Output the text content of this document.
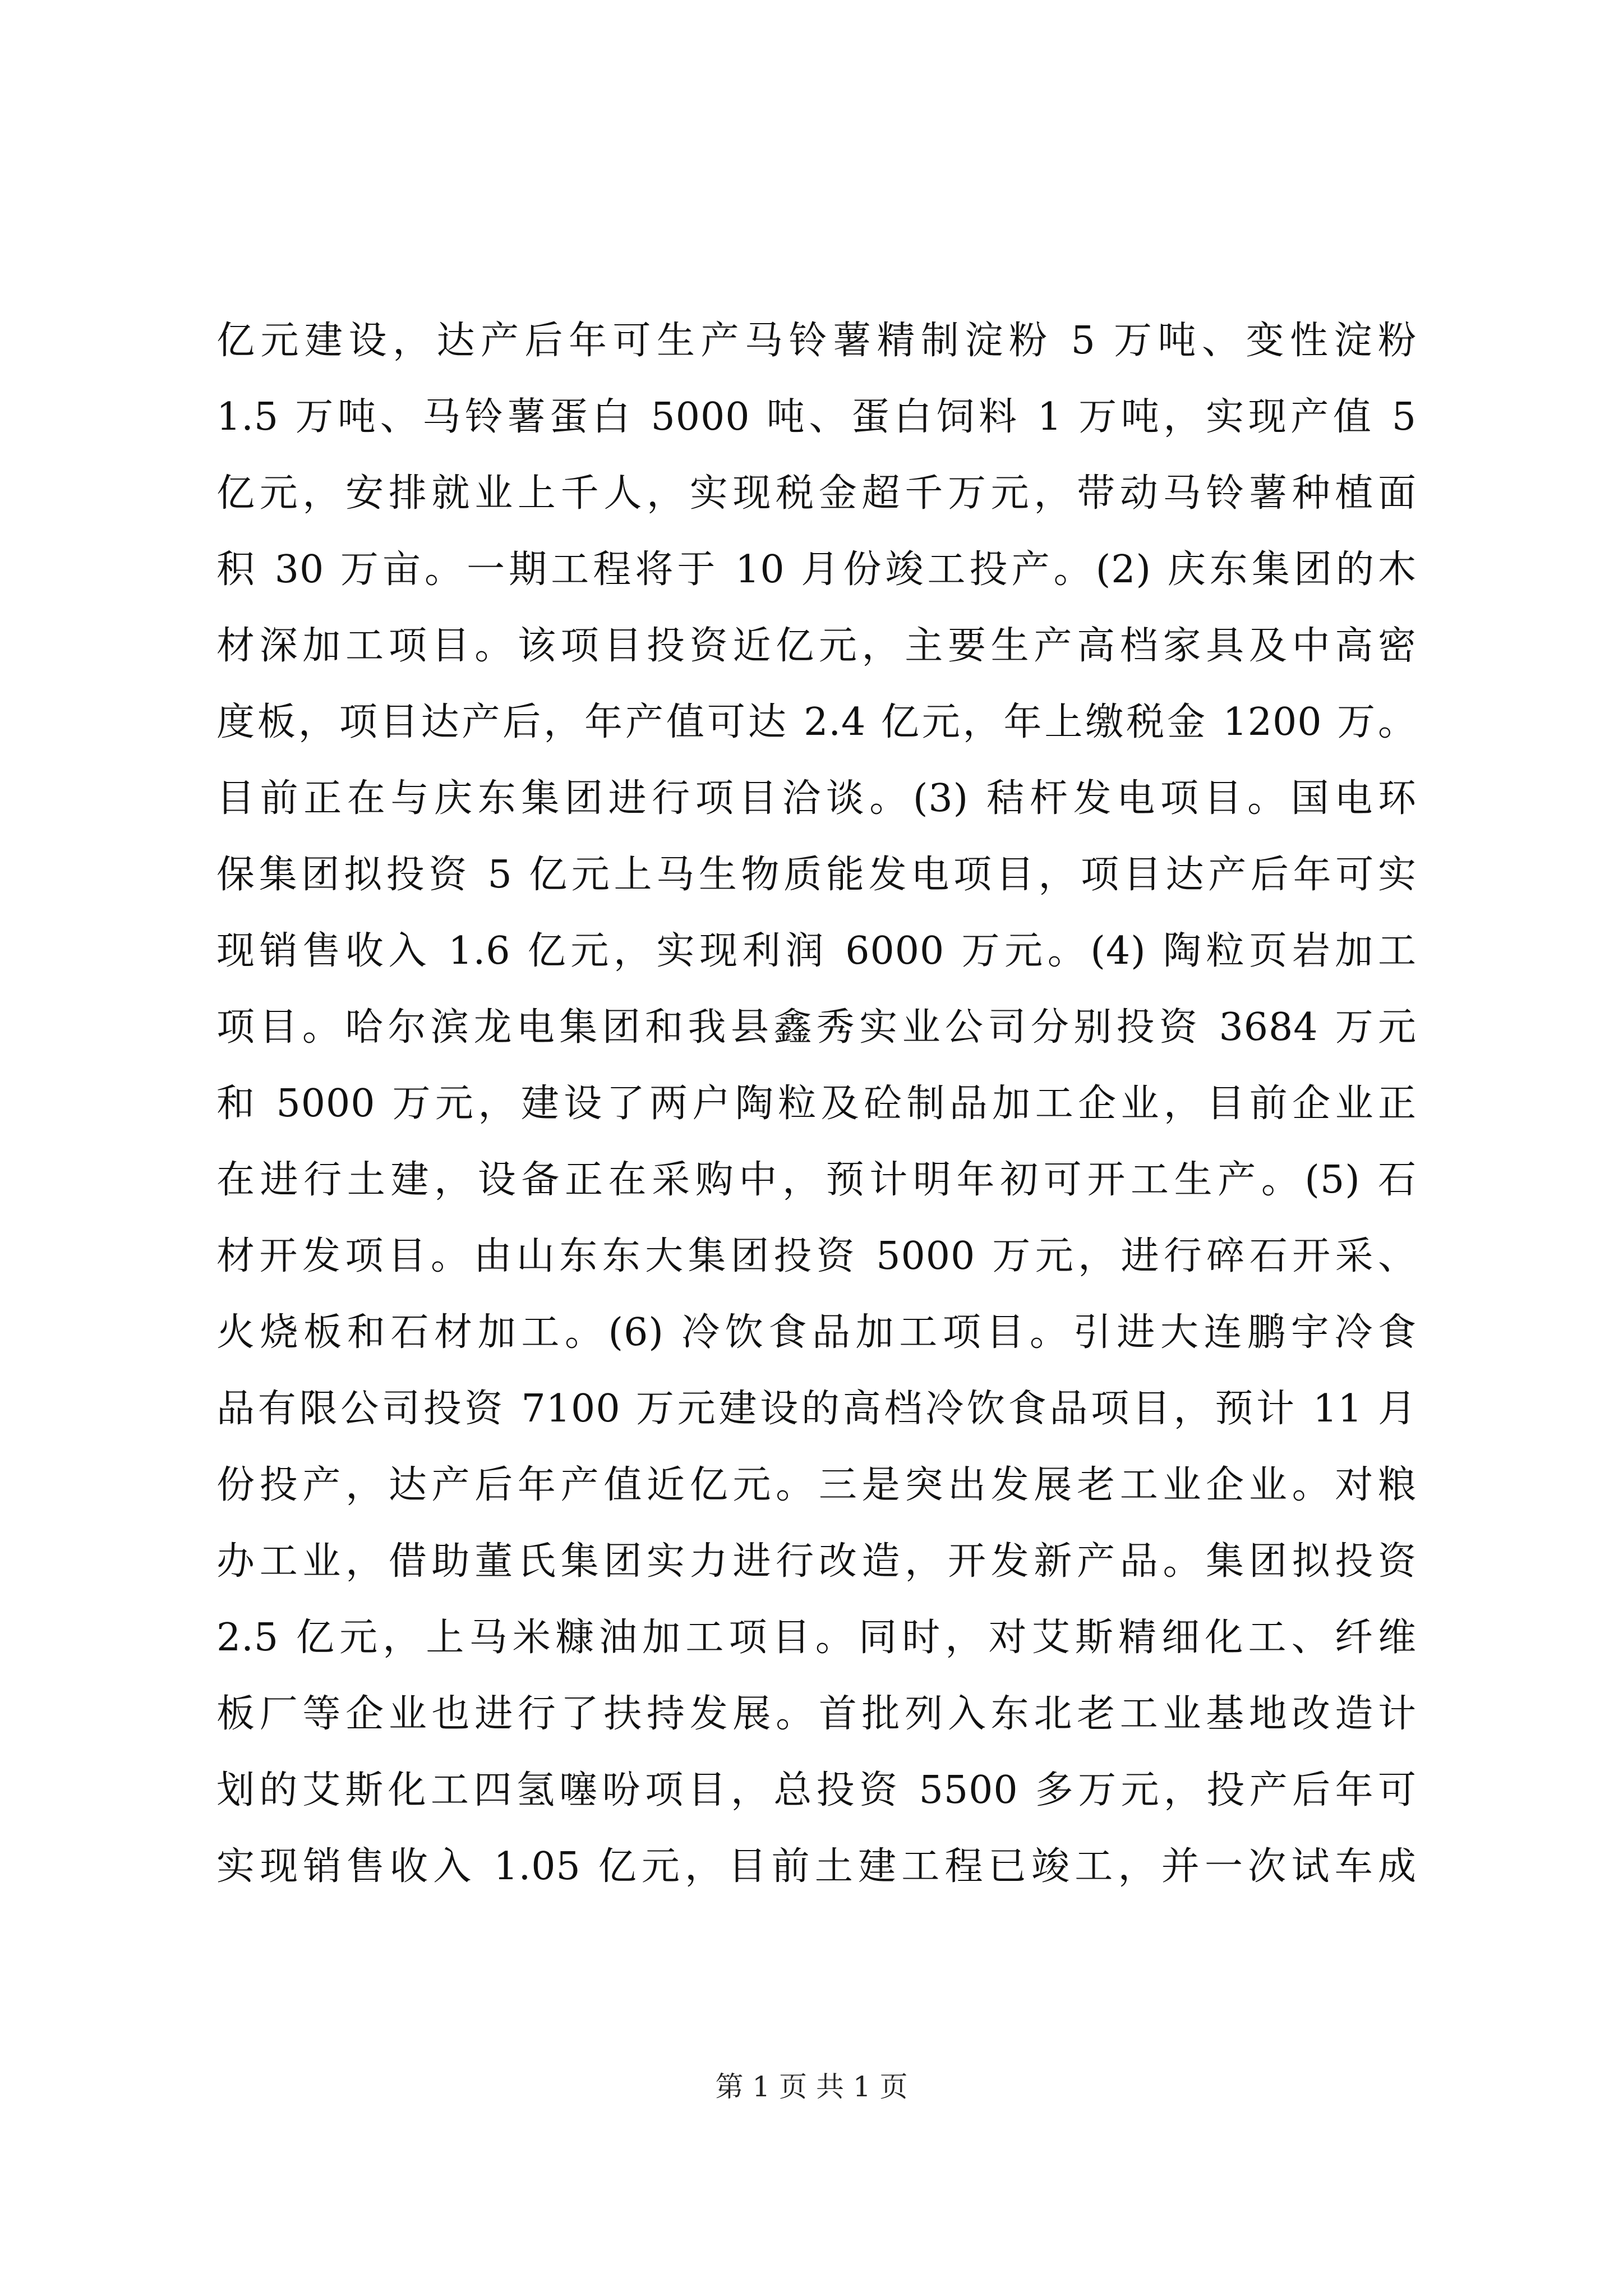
亿元建设，达产后年可生产马铃薯精制淀粉 5 万吨、变性淀粉
1.5 万吨、马铃薯蛋白 5000 吨、蛋白饲料 1 万吨，实现产值 5
亿元，安排就业上千人，实现税金超千万元，带动马铃薯种植面
积 30 万亩。一期工程将于 10 月份竣工投产。(2) 庆东集团的木
材深加工项目。该项目投资近亿元，主要生产高档家具及中高密
度板，项目达产后，年产值可达 2.4 亿元，年上缴税金 1200 万。
目前正在与庆东集团进行项目洽谈。(3) 秸杆发电项目。国电环
保集团拟投资 5 亿元上马生物质能发电项目，项目达产后年可实
现销售收入 1.6 亿元，实现利润 6000 万元。(4) 陶粒页岩加工
项目。哈尔滨龙电集团和我县鑫秀实业公司分别投资 3684 万元
和 5000 万元，建设了两户陶粒及砼制品加工企业，目前企业正
在进行土建，设备正在采购中，预计明年初可开工生产。(5) 石
材开发项目。由山东东大集团投资 5000 万元，进行碎石开采、
火烧板和石材加工。(6) 冷饮食品加工项目。引进大连鹏宇冷食
品有限公司投资 7100 万元建设的高档冷饮食品项目，预计 11 月
份投产，达产后年产值近亿元。三是突出发展老工业企业。对粮
办工业，借助董氏集团实力进行改造，开发新产品。集团拟投资
2.5 亿元，上马米糠油加工项目。同时，对艾斯精细化工、纤维
板厂等企业也进行了扶持发展。首批列入东北老工业基地改造计
划的艾斯化工四氢噻吩项目，总投资 5500 多万元，投产后年可
实现销售收入 1.05 亿元，目前土建工程已竣工，并一次试车成
第 1 页 共 1 页
